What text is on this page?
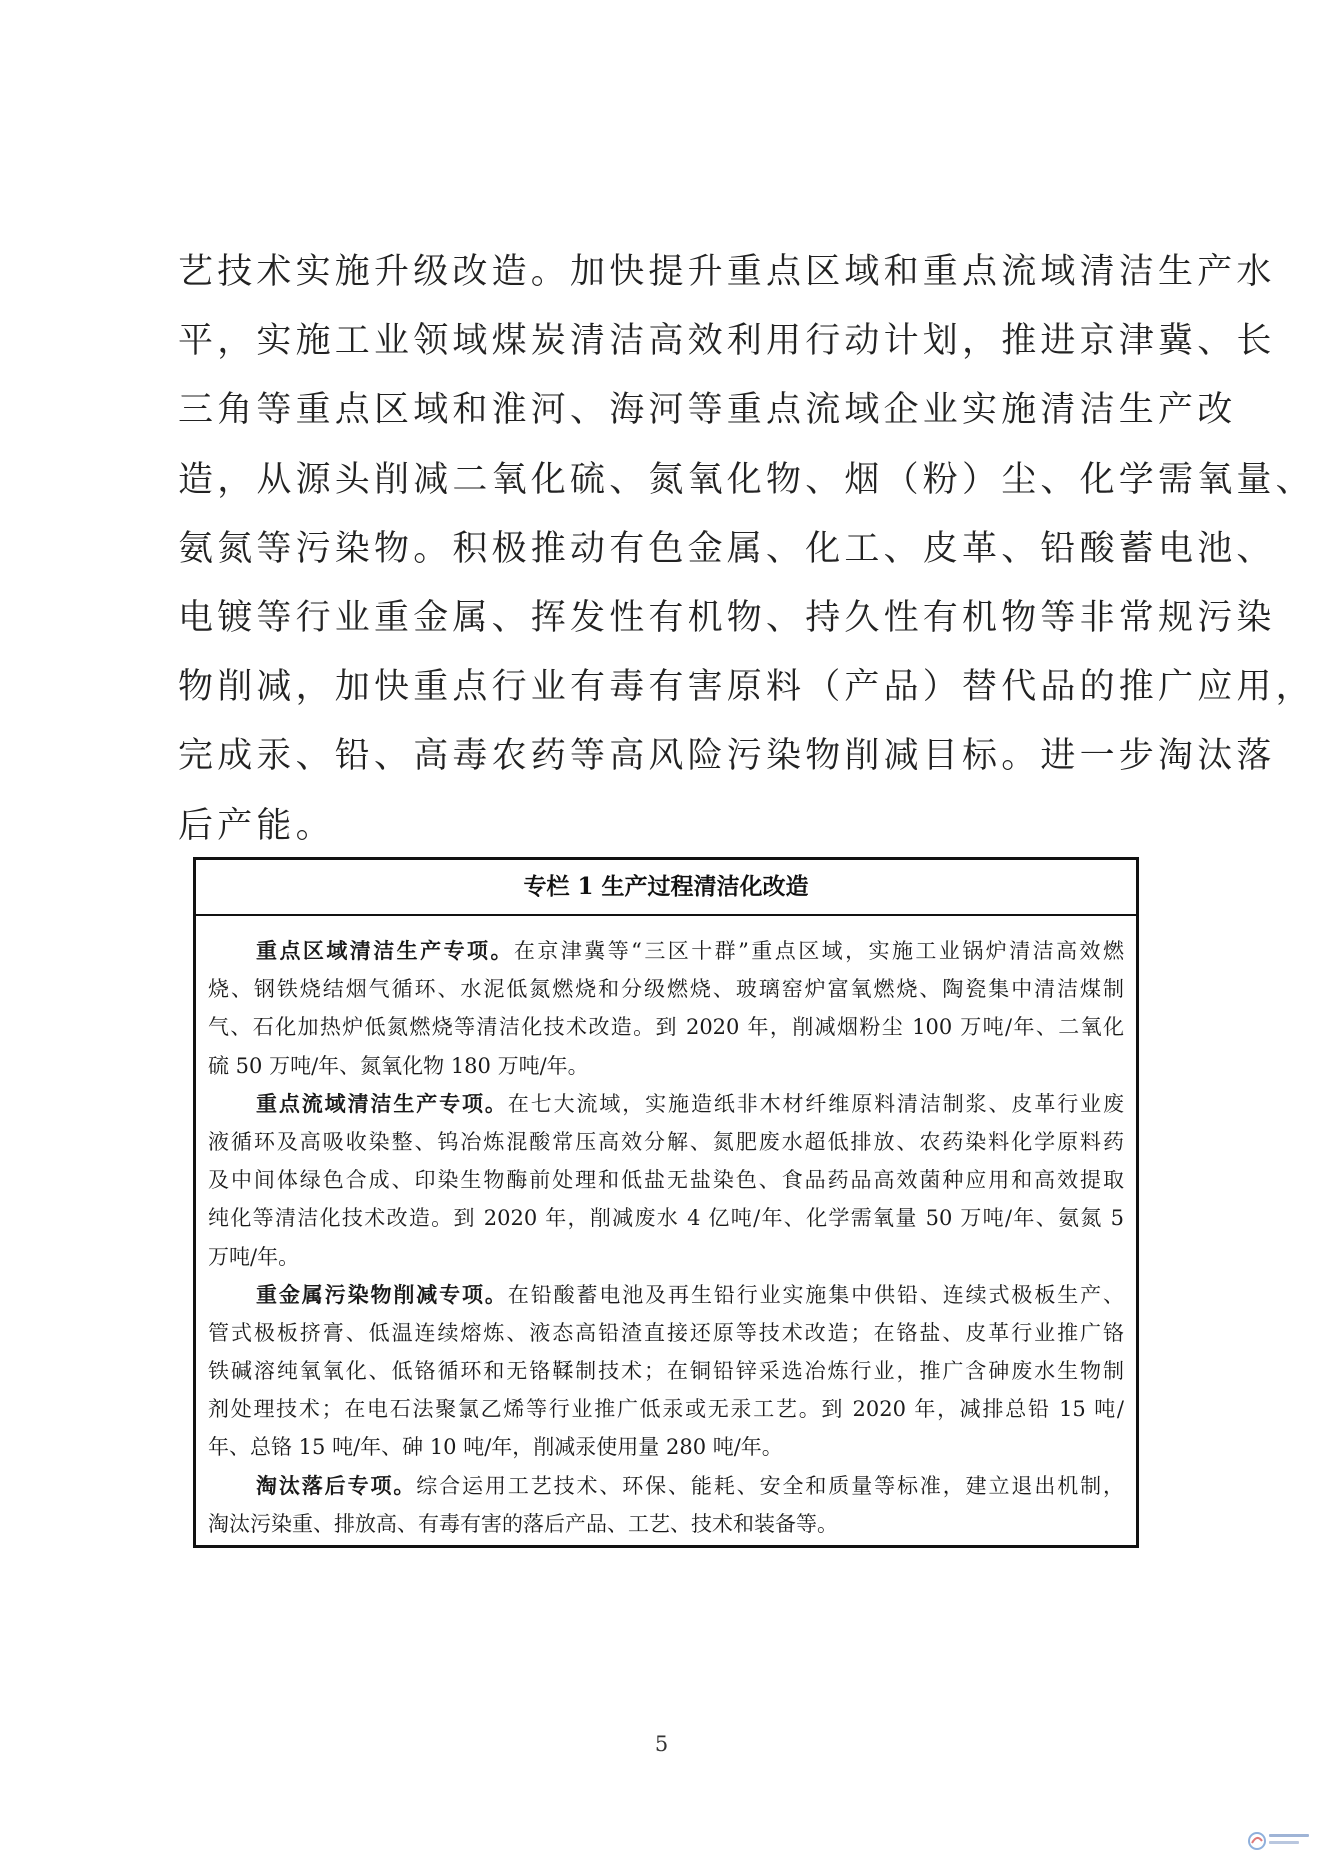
艺技术实施升级改造。加快提升重点区域和重点流域清洁生产水
平，实施工业领域煤炭清洁高效利用行动计划，推进京津冀、长
三角等重点区域和淮河、海河等重点流域企业实施清洁生产改
造，从源头削减二氧化硫、氮氧化物、烟（粉）尘、化学需氧量、
氨氮等污染物。积极推动有色金属、化工、皮革、铅酸蓄电池、
电镀等行业重金属、挥发性有机物、持久性有机物等非常规污染
物削减，加快重点行业有毒有害原料（产品）替代品的推广应用，
完成汞、铅、高毒农药等高风险污染物削减目标。进一步淘汰落
后产能。
专栏 1 生产过程清洁化改造
重点区域清洁生产专项。在京津冀等“三区十群”重点区域，实施工业锅炉清洁高效燃
烧、钢铁烧结烟气循环、水泥低氮燃烧和分级燃烧、玻璃窑炉富氧燃烧、陶瓷集中清洁煤制
气、石化加热炉低氮燃烧等清洁化技术改造。到 2020 年，削减烟粉尘 100 万吨/年、二氧化
硫 50 万吨/年、氮氧化物 180 万吨/年。
重点流域清洁生产专项。在七大流域，实施造纸非木材纤维原料清洁制浆、皮革行业废
液循环及高吸收染整、钨冶炼混酸常压高效分解、氮肥废水超低排放、农药染料化学原料药
及中间体绿色合成、印染生物酶前处理和低盐无盐染色、食品药品高效菌种应用和高效提取
纯化等清洁化技术改造。到 2020 年，削减废水 4 亿吨/年、化学需氧量 50 万吨/年、氨氮 5
万吨/年。
重金属污染物削减专项。在铅酸蓄电池及再生铅行业实施集中供铅、连续式极板生产、
管式极板挤膏、低温连续熔炼、液态高铅渣直接还原等技术改造；在铬盐、皮革行业推广铬
铁碱溶纯氧氧化、低铬循环和无铬鞣制技术；在铜铅锌采选冶炼行业，推广含砷废水生物制
剂处理技术；在电石法聚氯乙烯等行业推广低汞或无汞工艺。到 2020 年，减排总铅 15 吨/
年、总铬 15 吨/年、砷 10 吨/年，削减汞使用量 280 吨/年。
淘汰落后专项。综合运用工艺技术、环保、能耗、安全和质量等标准，建立退出机制，
淘汰污染重、排放高、有毒有害的落后产品、工艺、技术和装备等。
5
